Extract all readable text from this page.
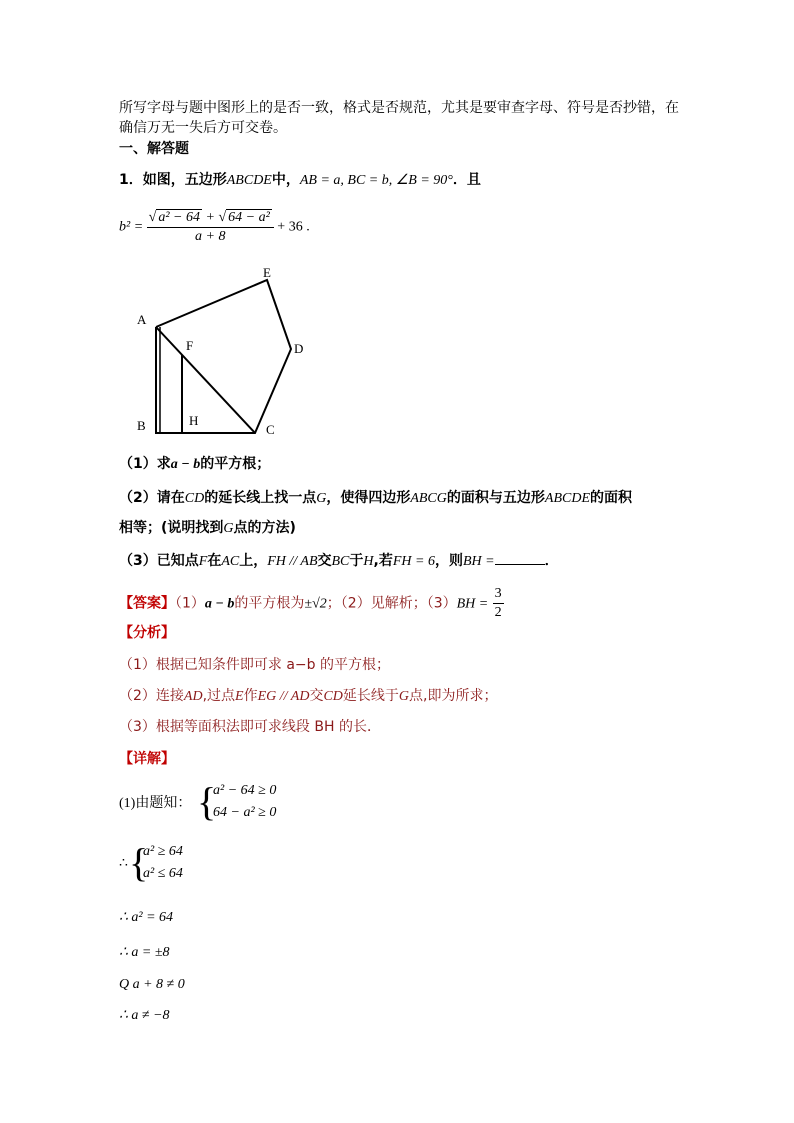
所写字母与题中图形上的是否一致，格式是否规范，尤其是要审查字母、符号是否抄错，在
确信万无一失后方可交卷。
一、解答题
1．如图，五边形ABCDE中，AB = a, BC = b, ∠B = 90°．且
$b^2 = \frac{\text{√ a² − 64 + √ 64 − a²}}{a + 8} + 36$ .
A
E
F	D
B	H
C
（1）求a − b的平方根；
（2）请在CD的延长线上找一点G，使得四边形ABCG的面积与五边形ABCDE的面积
相等；(说明找到G点的方法)
（3）已知点F在AC上，FH // AB交BC于H,若FH = 6，则BH =	．
【答案】（1）a − b的平方根为±√2；（2）见解析；$(3)BH = \frac{3}{2}$
【分析】
（1）根据已知条件即可求 a−b 的平方根；
（2）连接AD,过点E作EG // AD交CD延长线于G点,即为所求；
（3）根据等面积法即可求线段 BH 的长．
【详解】
(1)由题知： {
a² − 64 ≥ 0
64 − a² ≥ 0
∴ {
a² ≥ 64
a² ≤ 64
∴ a² = 64
∴ a = ±8
Q a + 8 ≠ 0
∴ a ≠ −8
